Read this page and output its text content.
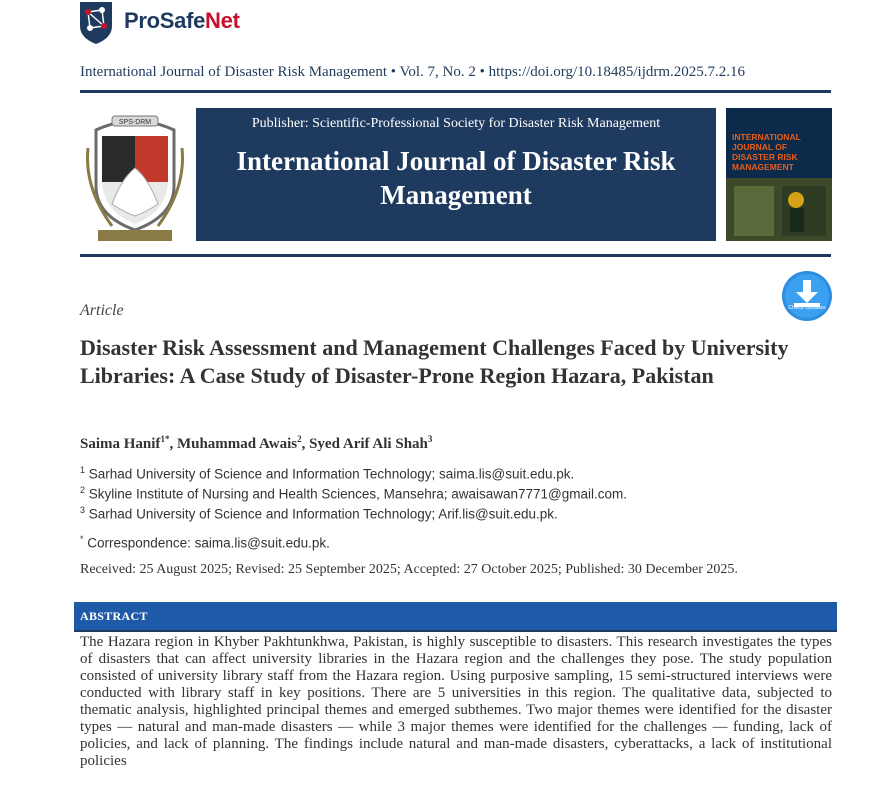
ProSafeNet
International Journal of Disaster Risk Management • Vol. 7, No. 2 • https://doi.org/10.18485/ijdrm.2025.7.2.16
SPS-DRM	Publisher: Scientific-Professional Society for Disaster Risk Management
International Journal of Disaster Risk Management
INTERNATIONAL JOURNAL OF DISASTER RISK MANAGEMENT
Article	Check Updates
Disaster Risk Assessment and Management Challenges Faced by University Libraries: A Case Study of Disaster-Prone Region Hazara, Pakistan
Saima Hanif$^{1*}$, Muhammad Awais$^2$, Syed Arif Ali Shah$^3$
$^1$ Sarhad University of Science and Information Technology; saima.lis@suit.edu.pk.
$^2$ Skyline Institute of Nursing and Health Sciences, Mansehra; awaisawan7771@gmail.com.
$^3$ Sarhad University of Science and Information Technology; Arif.lis@suit.edu.pk.
* Correspondence: saima.lis@suit.edu.pk.
Received: 25 August 2025; Revised: 25 September 2025; Accepted: 27 October 2025; Published: 30 December 2025.
ABSTRACT
The Hazara region in Khyber Pakhtunkhwa, Pakistan, is highly susceptible to disasters. This research investigates the types of disasters that can affect university libraries in the Hazara region and the challenges they pose. The study population consisted of university library staff from the Hazara region. Using purposive sampling, 15 semi-structured interviews were conducted with library staff in key positions. There are 5 universities in this region. The qualitative data, subjected to thematic analysis, highlighted principal themes and emerged subthemes. Two major themes were identified for the disaster types — natural and man-made disasters — while 3 major themes were identified for the challenges — funding, lack of policies, and lack of planning. The findings include natural and man-made disasters, cyberattacks, a lack of institutional policies
